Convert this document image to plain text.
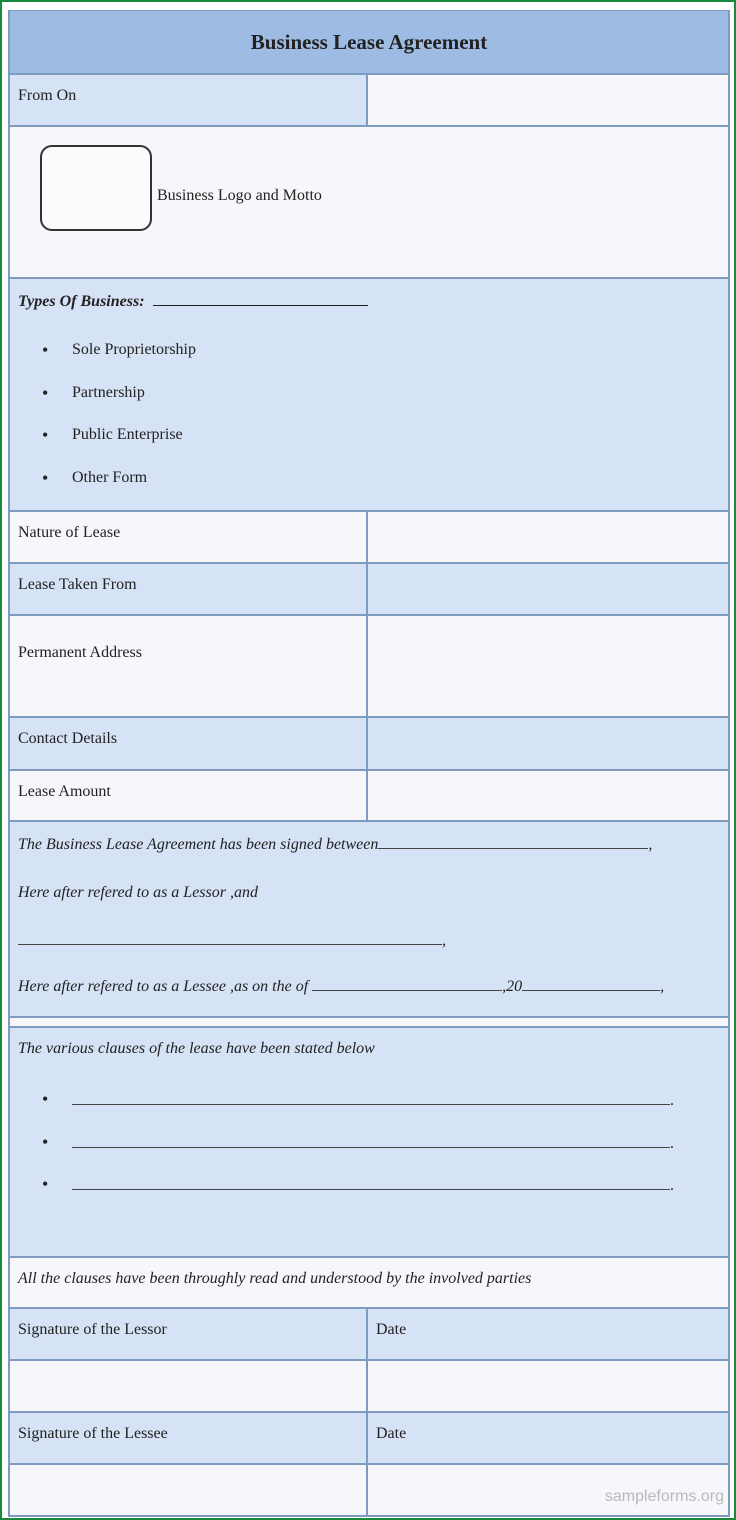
Business Lease Agreement
From On
Business Logo and Motto
Types Of Business:
• Sole Proprietorship
• Partnership
• Public Enterprise
• Other Form
Nature of Lease
Lease Taken From
Permanent Address
Contact Details
Lease Amount
The Business Lease Agreement has been signed between	,
Here after refered to as a Lessor ,and
,
Here after refered to as a Lessee ,as on the of	,20	,
The various clauses of the lease have been stated below
• .
• .
• .
All the clauses have been throughly read and understood by the involved parties
Signature of the Lessor	Date
Signature of the Lessee	Date
sampleforms.org
